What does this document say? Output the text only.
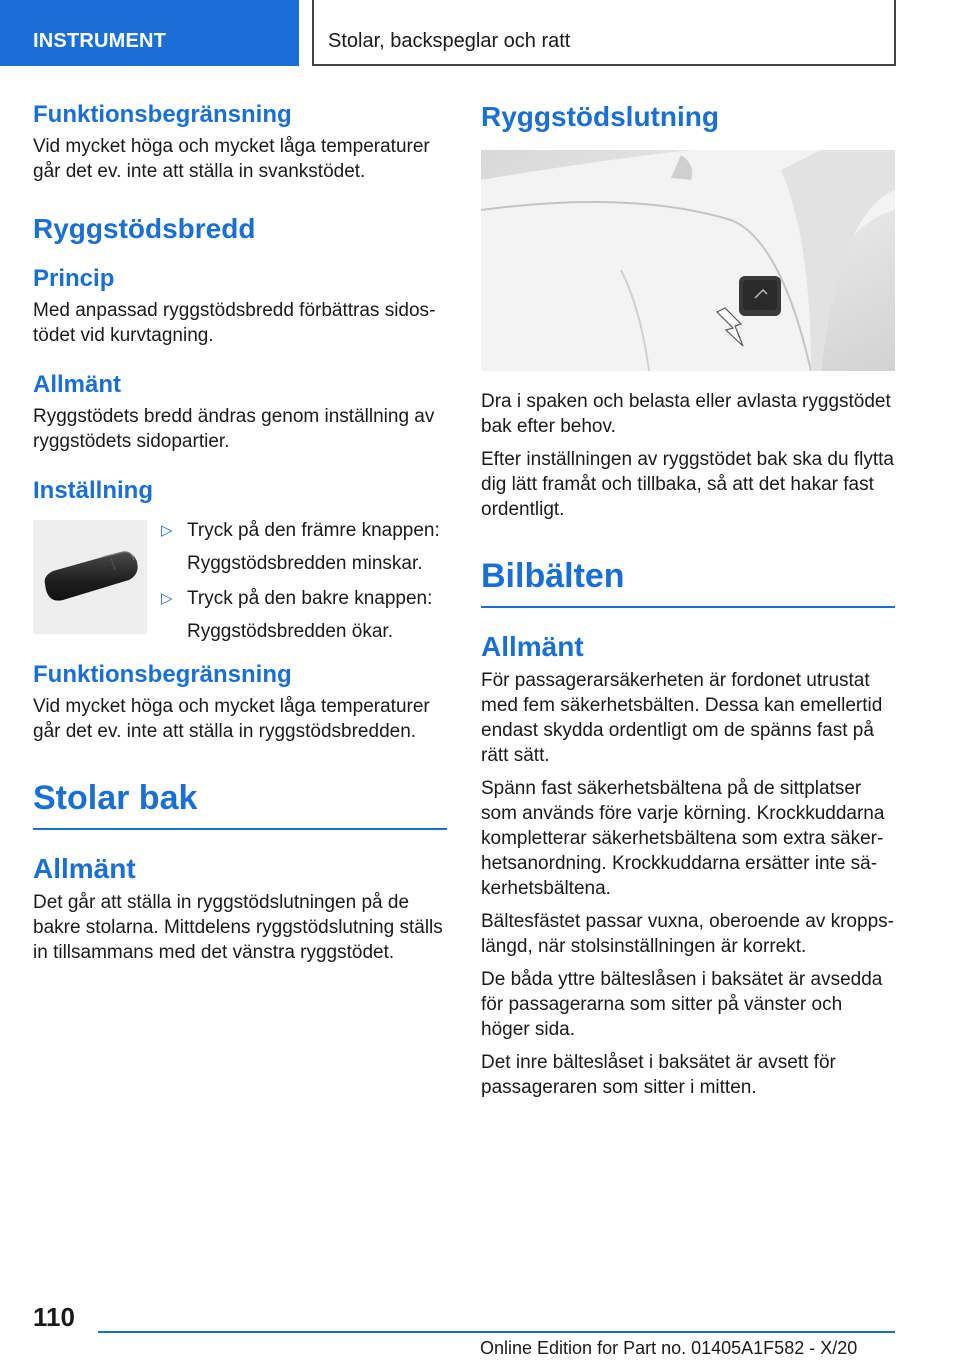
INSTRUMENT	Stolar, backspeglar och ratt
Funktionsbegränsning

Vid mycket höga och mycket låga temperaturer går det ev. inte att ställa in svankstödet.

Ryggstödsbredd
Princip

Med anpassad ryggstödsbredd förbättras sidostödet vid kurvtagning.

Allmänt

Ryggstödets bredd ändras genom inställning av ryggstödets sidopartier.

Inställning
▷ Tryck på den främre knappen:
Ryggstödsbredden minskar.
▷ Tryck på den bakre knappen:
Ryggstödsbredden ökar.
Funktionsbegränsning

Vid mycket höga och mycket låga temperaturer går det ev. inte att ställa in ryggstödsbredden.

Stolar bak
Allmänt

Det går att ställa in ryggstödslutningen på de bakre stolarna. Mittdelens ryggstödslutning ställs in tillsammans med det vänstra ryggstödet.

Ryggstödslutning

Dra i spaken och belasta eller avlasta ryggstödet bak efter behov.

Efter inställningen av ryggstödet bak ska du flytta dig lätt framåt och tillbaka, så att det hakar fast ordentligt.

Bilbälten
Allmänt

För passagerarsäkerheten är fordonet utrustat med fem säkerhetsbälten. Dessa kan emellertid endast skydda ordentligt om de spänns fast på rätt sätt.

Spänn fast säkerhetsbältena på de sittplatser som används före varje körning. Krockkuddarna kompletterar säkerhetsbältena som extra säkerhetsanordning. Krockkuddarna ersätter inte säkerhetsbältena.

Bältesfästet passar vuxna, oberoende av kroppslängd, när stolsinställningen är korrekt.

De båda yttre bälteslåsen i baksätet är avsedda för passagerarna som sitter på vänster och höger sida.

Det inre bälteslåset i baksätet är avsett för passageraren som sitter i mitten.

110
Online Edition for Part no. 01405A1F582 - X/20
